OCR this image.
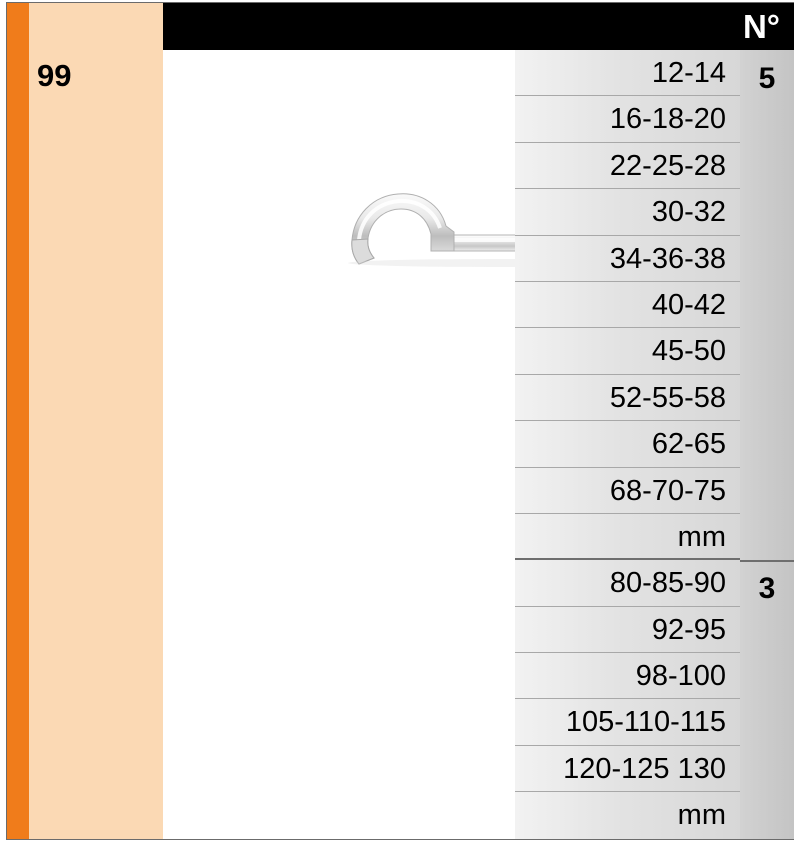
99
N°
12-14
16-18-20
22-25-28
30-32
34-36-38
40-42
45-50
52-55-58
62-65
68-70-75
mm
80-85-90
92-95
98-100
105-110-115
120-125 130
mm
5
3
